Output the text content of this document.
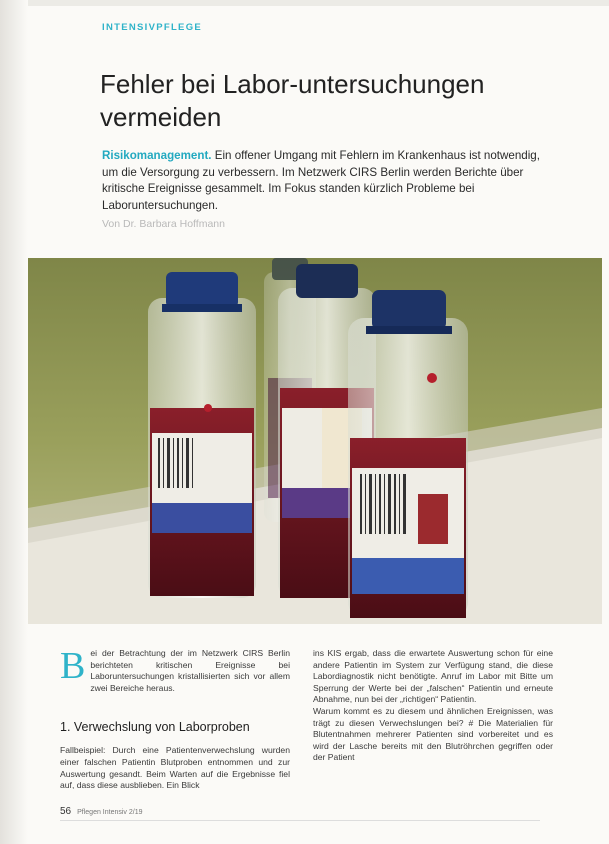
INTENSIVPFLEGE
Fehler bei Labor-untersuchungen vermeiden

Risikomanagement. Ein offener Umgang mit Fehlern im Krankenhaus ist notwendig, um die Versorgung zu verbessern. Im Netzwerk CIRS Berlin werden Berichte über kritische Ereignisse gesammelt. Im Fokus standen kürzlich Probleme bei Laboruntersuchungen.

Von Dr. Barbara Hoffmann
B ei der Betrachtung der im Netzwerk CIRS Berlin berichteten kritischen Ereignisse bei Laboruntersuchungen kristallisierten sich vor allem zwei Bereiche heraus.

1. Verwechslung von Laborproben

Fallbeispiel: Durch eine Patientenverwechslung wurden einer falschen Patientin Blutproben entnommen und zur Auswertung gesandt. Beim Warten auf die Ergebnisse fiel auf, dass diese ausblieben. Ein Blick

ins KIS ergab, dass die erwartete Auswertung schon für eine andere Patientin im System zur Verfügung stand, die diese Labordiagnostik nicht benötigte. Anruf im Labor mit Bitte um Sperrung der Werte bei der „falschen“ Patientin und erneute Abnahme, nun bei der „richtigen“ Patientin.
Warum kommt es zu diesem und ähnlichen Ereignissen, was trägt zu diesen Verwechslungen bei? # Die Materialien für Blutentnahmen mehrerer Patienten sind vorbereitet und es wird der Lasche bereits mit den Blutröhrchen gegriffen oder der Patient

56 Pflegen Intensiv 2/19
